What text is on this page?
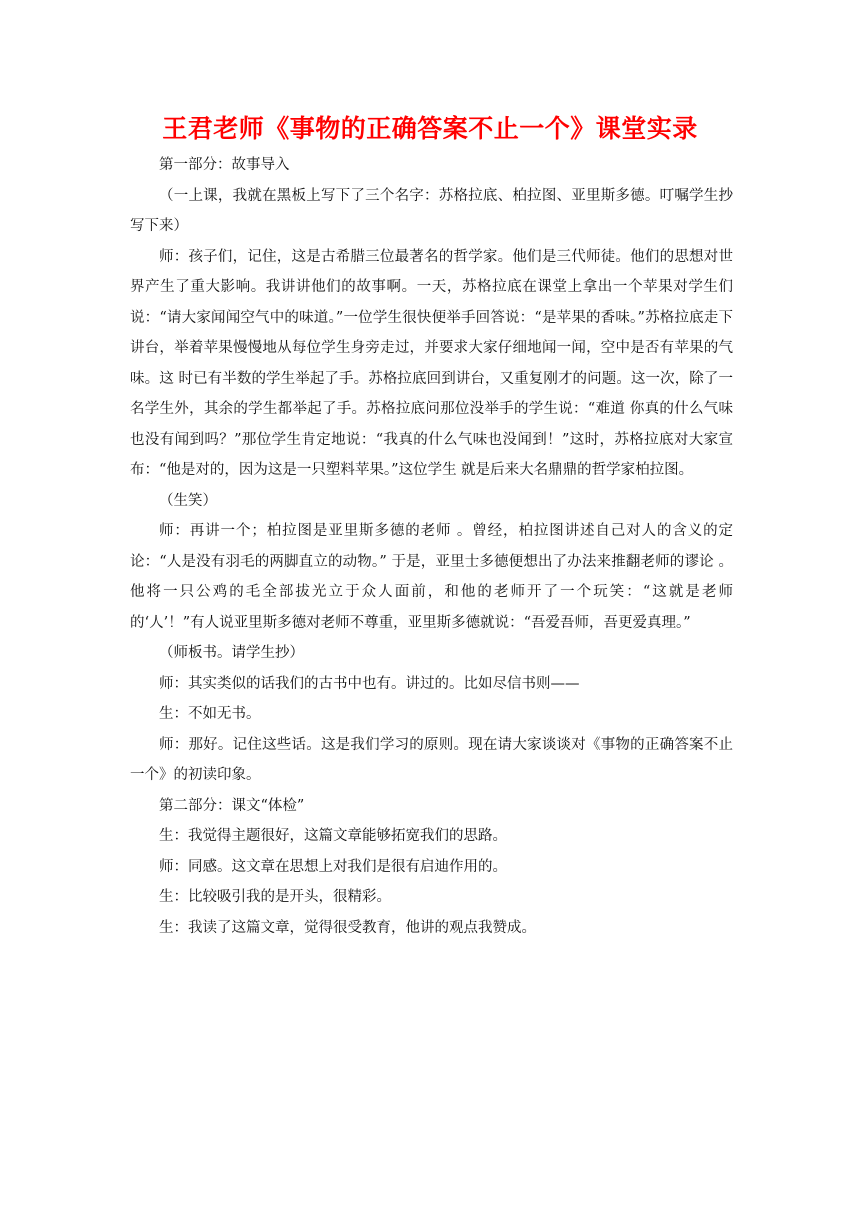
王君老师《事物的正确答案不止一个》课堂实录

第一部分：故事导入

（一上课，我就在黑板上写下了三个名字：苏格拉底、柏拉图、亚里斯多德。叮嘱学生抄写下来）

师：孩子们，记住，这是古希腊三位最著名的哲学家。他们是三代师徒。他们的思想对世界产生了重大影响。我讲讲他们的故事啊。一天，苏格拉底在课堂上拿出一个苹果对学生们说：“请大家闻闻空气中的味道。”一位学生很快便举手回答说：“是苹果的香味。”苏格拉底走下讲台，举着苹果慢慢地从每位学生身旁走过，并要求大家仔细地闻一闻，空中是否有苹果的气味。这 时已有半数的学生举起了手。苏格拉底回到讲台，又重复刚才的问题。这一次，除了一名学生外，其余的学生都举起了手。苏格拉底问那位没举手的学生说：“难道 你真的什么气味也没有闻到吗？”那位学生肯定地说：“我真的什么气味也没闻到！”这时，苏格拉底对大家宣布：“他是对的，因为这是一只塑料苹果。”这位学生 就是后来大名鼎鼎的哲学家柏拉图。

（生笑）

师：再讲一个；柏拉图是亚里斯多德的老师 。曾经，柏拉图讲述自己对人的含义的定论：“人是没有羽毛的两脚直立的动物。” 于是，亚里士多德便想出了办法来推翻老师的谬论 。他将一只公鸡的毛全部拔光立于众人面前，和他的老师开了一个玩笑：“这就是老师的‘人’！”有人说亚里斯多德对老师不尊重，亚里斯多德就说：“吾爱吾师，吾更爱真理。”

（师板书。请学生抄）

师：其实类似的话我们的古书中也有。讲过的。比如尽信书则——

生：不如无书。

师：那好。记住这些话。这是我们学习的原则。现在请大家谈谈对《事物的正确答案不止一个》的初读印象。

第二部分：课文“体检”

生：我觉得主题很好，这篇文章能够拓宽我们的思路。

师：同感。这文章在思想上对我们是很有启迪作用的。

生：比较吸引我的是开头，很精彩。

生：我读了这篇文章，觉得很受教育，他讲的观点我赞成。
